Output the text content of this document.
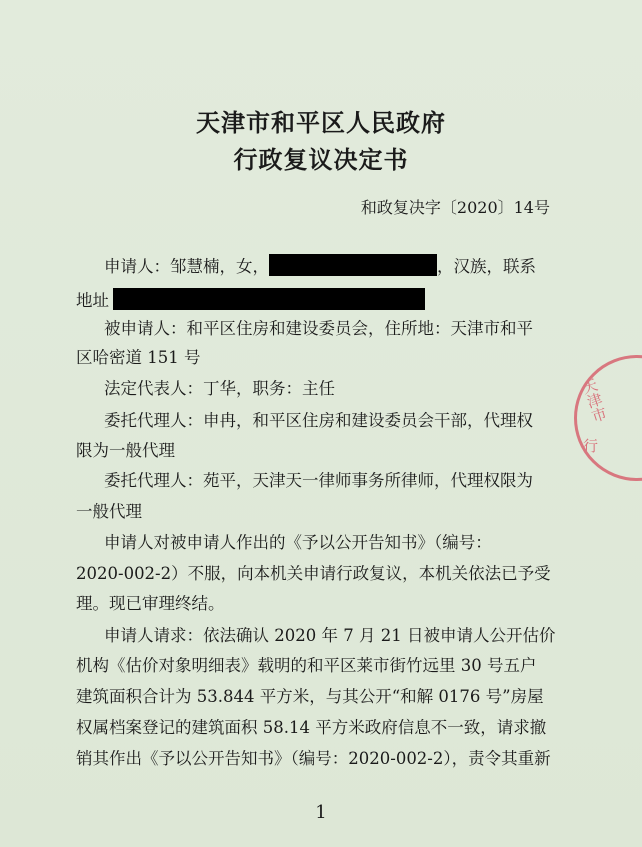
天津市和平区人民政府
行政复议决定书
和政复决字〔2020〕14号
申请人：邹慧楠，女，	，汉族，联系
地址
被申请人：和平区住房和建设委员会，住所地：天津市和平
区哈密道 151 号
法定代表人：丁华，职务：主任
委托代理人：申冉，和平区住房和建设委员会干部，代理权
限为一般代理
委托代理人：苑平，天津天一律师事务所律师，代理权限为
一般代理
申请人对被申请人作出的《予以公开告知书》（编号：
2020-002-2）不服，向本机关申请行政复议，本机关依法已予受
理。现已审理终结。
申请人请求：依法确认 2020 年 7 月 21 日被申请人公开估价
机构《估价对象明细表》载明的和平区莱市街竹远里 30 号五户
建筑面积合计为 53.844 平方米，与其公开“和解 0176 号”房屋
权属档案登记的建筑面积 58.14 平方米政府信息不一致，请求撤
销其作出《予以公开告知书》（编号：2020-002-2），责令其重新
天津市
行
1
